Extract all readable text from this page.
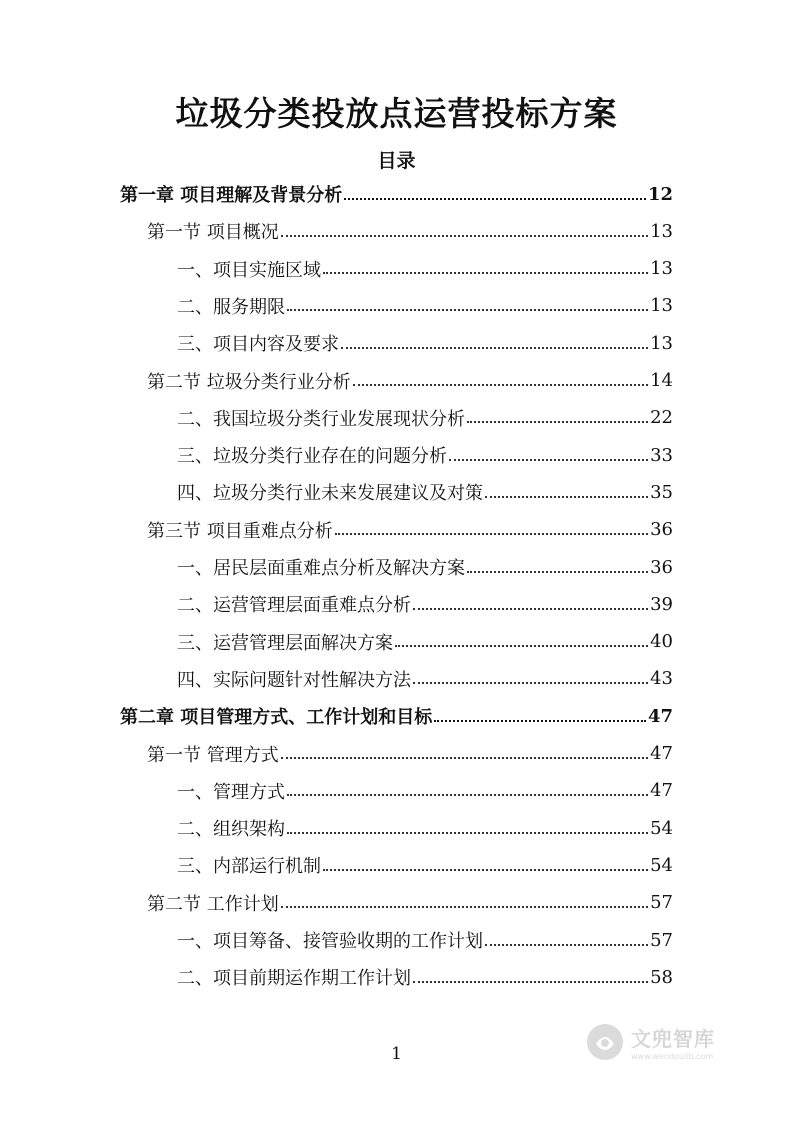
垃圾分类投放点运营投标方案
目录
第一章 项目理解及背景分析	12
第一节 项目概况	13
一、项目实施区域	13
二、服务期限	13
三、项目内容及要求	13
第二节 垃圾分类行业分析	14
二、我国垃圾分类行业发展现状分析	22
三、垃圾分类行业存在的问题分析	33
四、垃圾分类行业未来发展建议及对策	35
第三节 项目重难点分析	36
一、居民层面重难点分析及解决方案	36
二、运营管理层面重难点分析	39
三、运营管理层面解决方案	40
四、实际问题针对性解决方法	43
第二章 项目管理方式、工作计划和目标	47
第一节 管理方式	47
一、管理方式	47
二、组织架构	54
三、内部运行机制	54
第二节 工作计划	57
一、项目筹备、接管验收期的工作计划	57
二、项目前期运作期工作计划	58
1
文兜智库
www.wendoulib.com
